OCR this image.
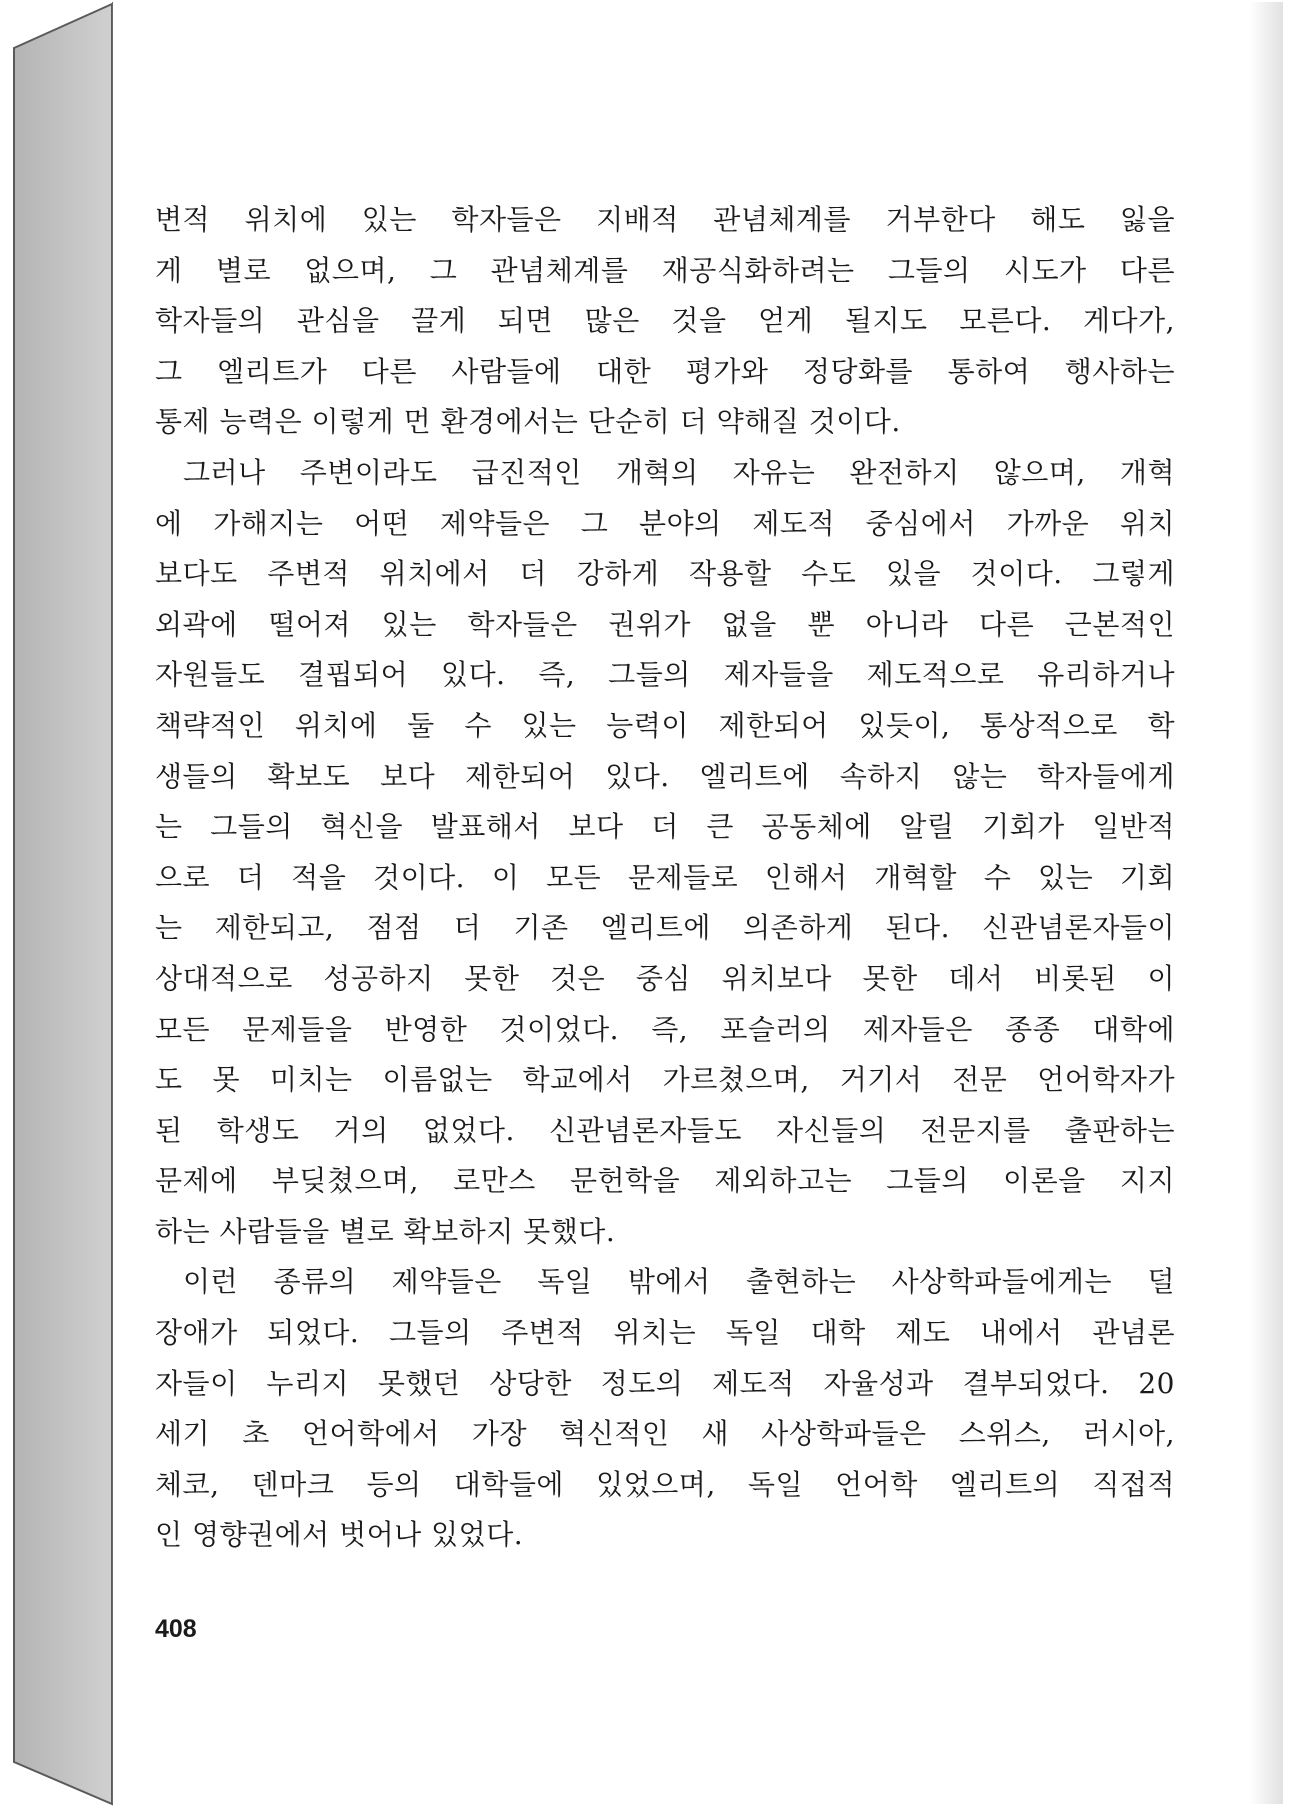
변적 위치에 있는 학자들은 지배적 관념체계를 거부한다 해도 잃을
게 별로 없으며, 그 관념체계를 재공식화하려는 그들의 시도가 다른
학자들의 관심을 끌게 되면 많은 것을 얻게 될지도 모른다. 게다가,
그 엘리트가 다른 사람들에 대한 평가와 정당화를 통하여 행사하는
통제 능력은 이렇게 먼 환경에서는 단순히 더 약해질 것이다.
그러나 주변이라도 급진적인 개혁의 자유는 완전하지 않으며, 개혁
에 가해지는 어떤 제약들은 그 분야의 제도적 중심에서 가까운 위치
보다도 주변적 위치에서 더 강하게 작용할 수도 있을 것이다. 그렇게
외곽에 떨어져 있는 학자들은 권위가 없을 뿐 아니라 다른 근본적인
자원들도 결핍되어 있다. 즉, 그들의 제자들을 제도적으로 유리하거나
책략적인 위치에 둘 수 있는 능력이 제한되어 있듯이, 통상적으로 학
생들의 확보도 보다 제한되어 있다. 엘리트에 속하지 않는 학자들에게
는 그들의 혁신을 발표해서 보다 더 큰 공동체에 알릴 기회가 일반적
으로 더 적을 것이다. 이 모든 문제들로 인해서 개혁할 수 있는 기회
는 제한되고, 점점 더 기존 엘리트에 의존하게 된다. 신관념론자들이
상대적으로 성공하지 못한 것은 중심 위치보다 못한 데서 비롯된 이
모든 문제들을 반영한 것이었다. 즉, 포슬러의 제자들은 종종 대학에
도 못 미치는 이름없는 학교에서 가르쳤으며, 거기서 전문 언어학자가
된 학생도 거의 없었다. 신관념론자들도 자신들의 전문지를 출판하는
문제에 부딪쳤으며, 로만스 문헌학을 제외하고는 그들의 이론을 지지
하는 사람들을 별로 확보하지 못했다.
이런 종류의 제약들은 독일 밖에서 출현하는 사상학파들에게는 덜
장애가 되었다. 그들의 주변적 위치는 독일 대학 제도 내에서 관념론
자들이 누리지 못했던 상당한 정도의 제도적 자율성과 결부되었다. 20
세기 초 언어학에서 가장 혁신적인 새 사상학파들은 스위스, 러시아,
체코, 덴마크 등의 대학들에 있었으며, 독일 언어학 엘리트의 직접적
인 영향권에서 벗어나 있었다.
408
